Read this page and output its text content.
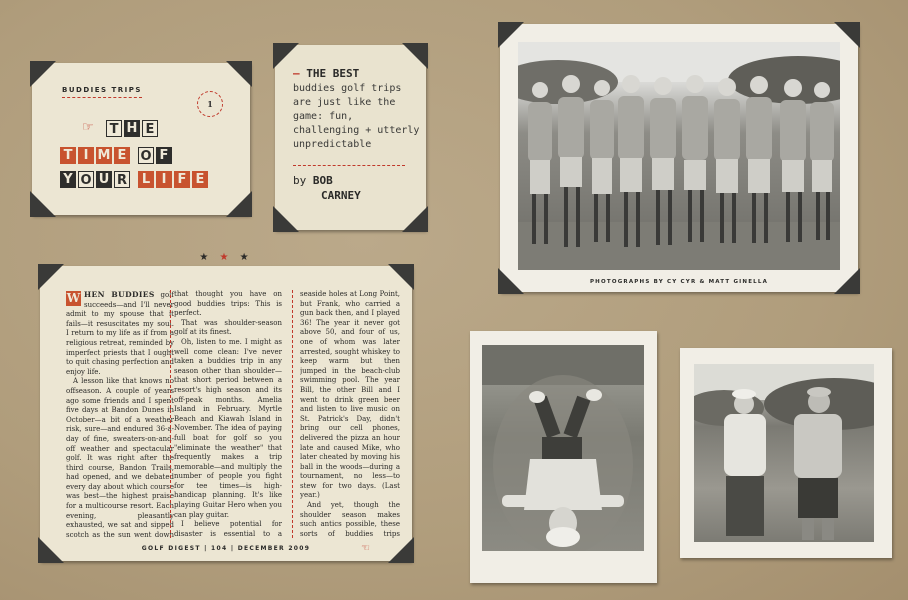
BUDDIES TRIPS
1
☞ T H E
T I M E O F
Y O U R L I F E
– THE BEST
buddies golf trips are just like the game: fun, challenging + utterly unpredictable
by BOB
CARNEY
PHOTOGRAPHS BY CY CYR & MATT GINELLA
★ ★ ★
W HEN BUDDIES golf succeeds—and I'll never admit to my spouse that it fails—it resuscitates my soul. I return to my life as if from a religious retreat, reminded by imperfect priests that I ought to quit chasing perfection and enjoy life.

A lesson like that knows no offseason. A couple of years ago some friends and I spent five days at Bandon Dunes in October—a bit of a weather risk, sure—and endured 36-a-day of fine, sweaters-on-and-off weather and spectacular golf. It was right after the third course, Bandon Trails, had opened, and we debated every day about which course was best—the highest praise for a multicourse resort. Each evening, pleasantly exhausted, we sat and sipped scotch as the sun went down

that thought you have on good buddies trips: This is perfect.

That was shoulder-season golf at its finest.

Oh, listen to me. I might as well come clean: I've never taken a buddies trip in any season other than shoulder—that short period between a resort's high season and its off-peak months. Amelia Island in February. Myrtle Beach and Kiawah Island in November. The idea of paying full boat for golf so you "eliminate the weather" that frequently makes a trip memorable—and multiply the number of people you fight for tee times—is high-handicap planning. It's like playing Guitar Hero when you can play guitar.

I believe potential for disaster is essential to a

seaside holes at Long Point, but Frank, who carried a gun back then, and I played 36! The year it never got above 50, and four of us, one of whom was later arrested, sought whiskey to keep warm but then jumped in the beach-club swimming pool. The year Bill, the other Bill and I went to drink green beer and listen to live music on St. Patrick's Day, didn't bring our cell phones, delivered the pizza an hour late and caused Mike, who later cheated by moving his ball in the woods—during a tournament, no less—to stew for two days. (Last year.)

And yet, though the shoulder season makes such antics possible, these sorts of buddies trips

GOLF DIGEST | 104 | DECEMBER 2009	☜
